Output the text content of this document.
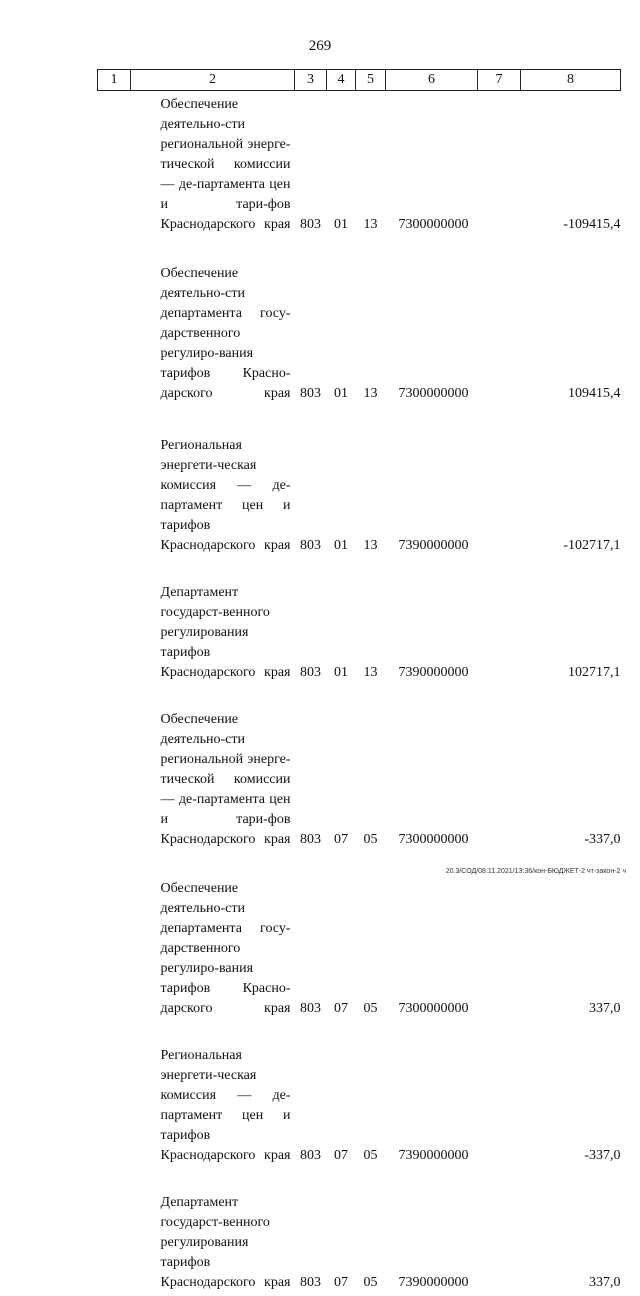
269
1	2	3	4	5	6	7	8
	Обеспечение деятельно-сти региональной энерге-тической комиссии — де-партамента цен и тари-фов Краснодарского края	803	01	13	7300000000		-109415,4

	Обеспечение деятельно-сти департамента госу-дарственного регулиро-вания тарифов Красно-дарского края	803	01	13	7300000000		109415,4

	Региональная энергети-ческая комиссия — де-партамент цен и тарифов Краснодарского края	803	01	13	7390000000		-102717,1

	Департамент государст-венного регулирования тарифов Краснодарского края	803	01	13	7390000000		102717,1

	Обеспечение деятельно-сти региональной энерге-тической комиссии — де-партамента цен и тари-фов Краснодарского края	803	07	05	7300000000		-337,0

	Обеспечение деятельно-сти департамента госу-дарственного регулиро-вания тарифов Красно-дарского края	803	07	05	7300000000		337,0

	Региональная энергети-ческая комиссия — де-партамент цен и тарифов Краснодарского края	803	07	05	7390000000		-337,0

	Департамент государст-венного регулирования тарифов Краснодарского края	803	07	05	7390000000		337,0
20.3/СОД/08.11.2021/13:36/кон-БЮДЖЕТ-2 чт-закон-2 ч
